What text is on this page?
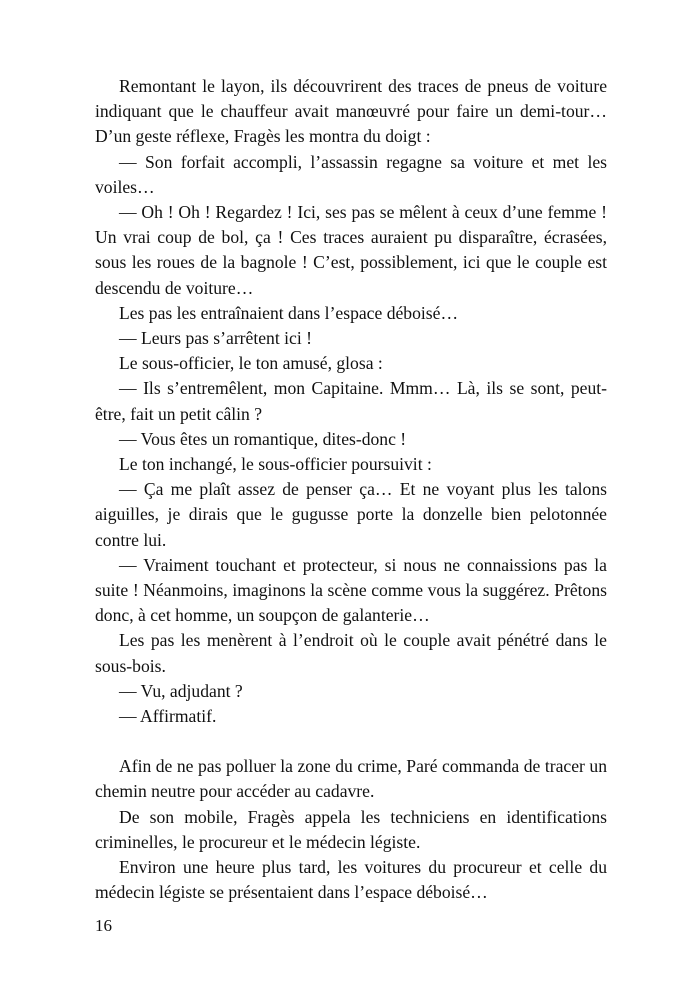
Remontant le layon, ils découvrirent des traces de pneus de voiture indiquant que le chauffeur avait manœuvré pour faire un demi-tour… D’un geste réflexe, Fragès les montra du doigt :

— Son forfait accompli, l’assassin regagne sa voiture et met les voiles…

— Oh ! Oh ! Regardez ! Ici, ses pas se mêlent à ceux d’une femme ! Un vrai coup de bol, ça ! Ces traces auraient pu disparaître, écrasées, sous les roues de la bagnole ! C’est, possiblement, ici que le couple est descendu de voiture…

Les pas les entraînaient dans l’espace déboisé…

— Leurs pas s’arrêtent ici !

Le sous-officier, le ton amusé, glosa :

— Ils s’entremêlent, mon Capitaine. Mmm… Là, ils se sont, peut-être, fait un petit câlin ?

— Vous êtes un romantique, dites-donc !

Le ton inchangé, le sous-officier poursuivit :

— Ça me plaît assez de penser ça… Et ne voyant plus les talons aiguilles, je dirais que le gugusse porte la donzelle bien pelotonnée contre lui.

— Vraiment touchant et protecteur, si nous ne connaissions pas la suite ! Néanmoins, imaginons la scène comme vous la suggérez. Prêtons donc, à cet homme, un soupçon de galanterie…

Les pas les menèrent à l’endroit où le couple avait pénétré dans le sous-bois.

— Vu, adjudant ?

— Affirmatif.

Afin de ne pas polluer la zone du crime, Paré commanda de tracer un chemin neutre pour accéder au cadavre.

De son mobile, Fragès appela les techniciens en identifications criminelles, le procureur et le médecin légiste.

Environ une heure plus tard, les voitures du procureur et celle du médecin légiste se présentaient dans l’espace déboisé…

16
